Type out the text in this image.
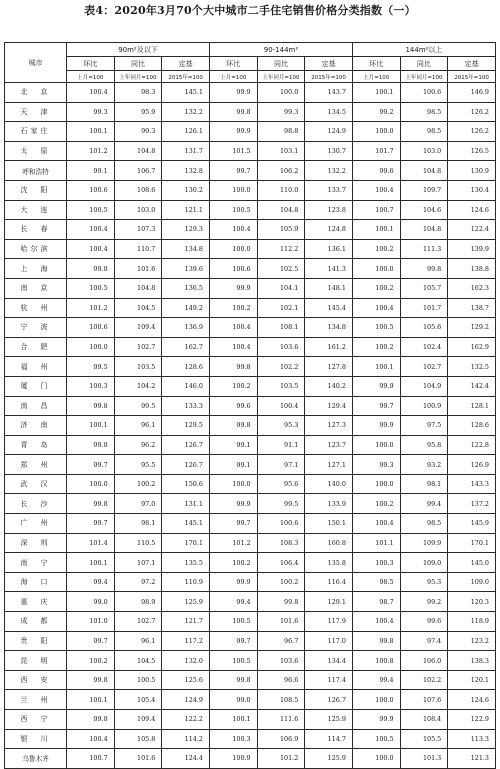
表4：2020年3月70个大中城市二手住宅销售价格分类指数（一）
城市	90m²及以下			90-144m²			144m²以上		
	环比	同比	定基	环比	同比	定基	环比	同比	定基
	上月=100	上年同月=100	2015年=100	上月=100	上年同月=100	2015年=100	上月=100	上年同月=100	2015年=100
北　京	100.4	98.3	145.1	99.9	100.0	143.7	100.1	100.6	146.9
天　津	99.3	95.9	132.2	99.8	99.3	134.5	99.2	98.5	126.2
石家庄	100.1	99.3	126.1	99.9	98.8	124.9	100.0	98.5	126.2
太　原	101.2	104.8	131.7	101.5	103.1	130.7	101.7	103.0	126.5
呼和浩特	99.1	106.7	132.8	99.7	106.2	132.2	99.6	104.8	130.9
沈　阳	100.6	108.6	130.2	100.0	110.0	133.7	100.4	109.7	130.4
大　连	100.5	103.0	121.1	100.5	104.8	123.8	100.7	104.6	124.6
长　春	100.4	107.3	129.3	100.4	105.9	124.8	100.1	104.8	122.4
哈尔滨	100.4	110.7	134.8	100.0	112.2	136.1	100.2	111.3	139.9
上　海	99.8	101.6	139.6	100.6	102.5	141.3	100.0	99.8	138.8
南　京	100.5	104.8	136.5	99.9	104.1	148.1	100.2	105.7	162.3
杭　州	101.2	104.5	149.2	100.2	102.1	145.4	100.4	101.7	138.7
宁　波	100.6	109.4	136.9	100.4	108.1	134.8	100.5	105.6	129.2
合　肥	100.0	102.7	162.7	100.4	103.6	161.2	100.2	102.4	162.9
福　州	99.5	103.5	128.6	99.8	102.2	127.8	100.1	102.7	132.5
厦　门	100.3	104.2	146.0	100.2	103.5	140.2	99.9	104.9	142.4
南　昌	99.8	99.5	133.3	99.6	100.4	129.4	99.7	100.9	128.1
济　南	100.1	96.1	129.5	99.8	95.3	127.3	99.9	97.5	128.6
青　岛	99.8	96.2	126.7	99.1	91.1	123.7	100.0	95.8	122.8
郑　州	99.7	95.5	126.7	99.1	97.1	127.1	99.3	93.2	126.9
武　汉	100.0	100.2	150.6	100.0	95.6	140.0	100.0	98.1	143.3
长　沙	99.8	97.0	131.1	99.9	99.5	133.9	100.2	99.4	137.2
广　州	99.7	98.1	145.1	99.7	100.6	150.1	100.4	98.5	145.9
深　圳	101.4	110.5	170.1	101.2	108.3	160.8	101.1	109.9	170.1
南　宁	100.1	107.1	135.5	100.2	106.4	135.8	100.3	109.0	145.0
海　口	99.4	97.2	110.9	99.9	100.2	116.4	98.5	95.3	109.0
重　庆	99.0	98.9	125.9	99.4	99.8	129.1	98.7	99.2	120.3
成　都	101.0	102.7	121.7	100.5	101.6	117.9	100.4	99.6	118.9
贵　阳	99.7	96.1	117.2	99.7	96.7	117.0	99.8	97.4	123.2
昆　明	100.2	104.5	132.0	100.5	103.6	134.4	100.8	106.0	138.3
西　安	99.8	100.5	125.6	99.8	96.6	117.4	99.4	102.2	120.1
兰　州	100.1	105.4	124.9	99.0	108.5	126.7	100.0	107.6	124.6
西　宁	99.8	109.4	122.2	100.1	111.6	125.9	99.9	108.4	122.9
银　川	100.4	105.8	114.2	100.3	106.9	114.7	100.5	105.5	113.3
乌鲁木齐	100.7	101.6	124.4	100.9	101.2	125.9	100.0	101.3	121.3
